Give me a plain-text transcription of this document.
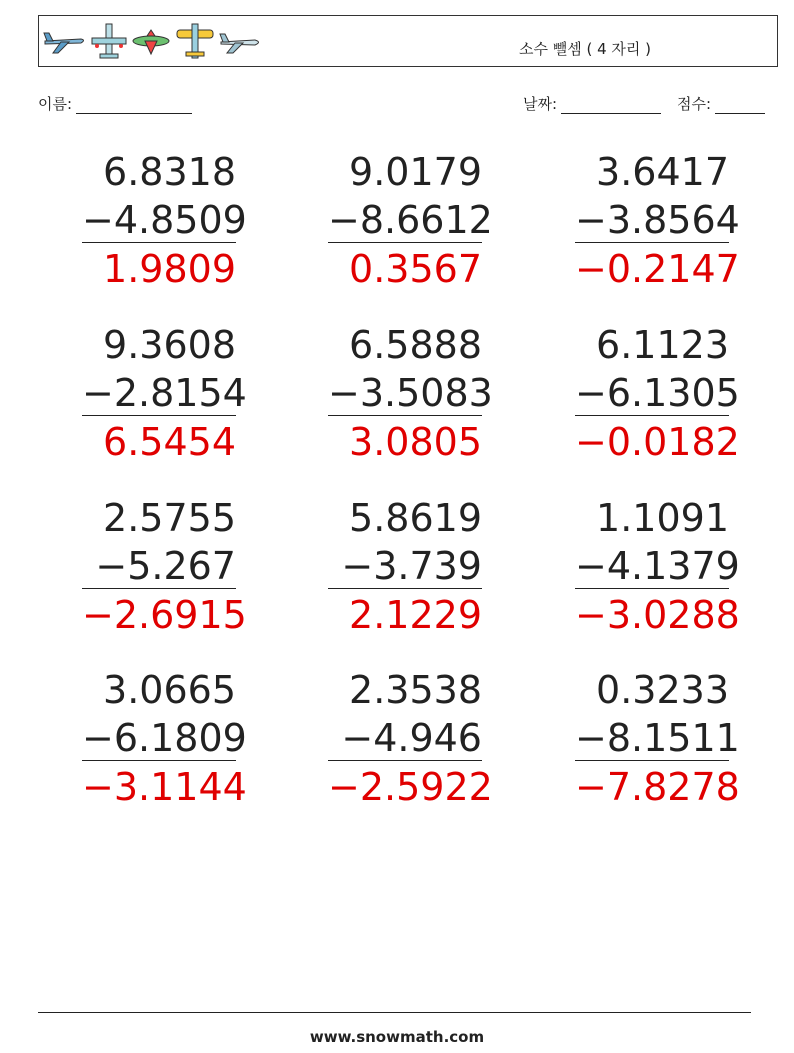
소수 뺄셈 ( 4 자리 )
이름:	날짜:	점수:
6.8318
−4.8509
1.9809
9.0179
−8.6612
0.3567
3.6417
−3.8564
−0.2147
9.3608
−2.8154
6.5454
6.5888
−3.5083
3.0805
6.1123
−6.1305
−0.0182
2.5755
−5.267
−2.6915
5.8619
−3.739
2.1229
1.1091
−4.1379
−3.0288
3.0665
−6.1809
−3.1144
2.3538
−4.946
−2.5922
0.3233
−8.1511
−7.8278
www.snowmath.com
